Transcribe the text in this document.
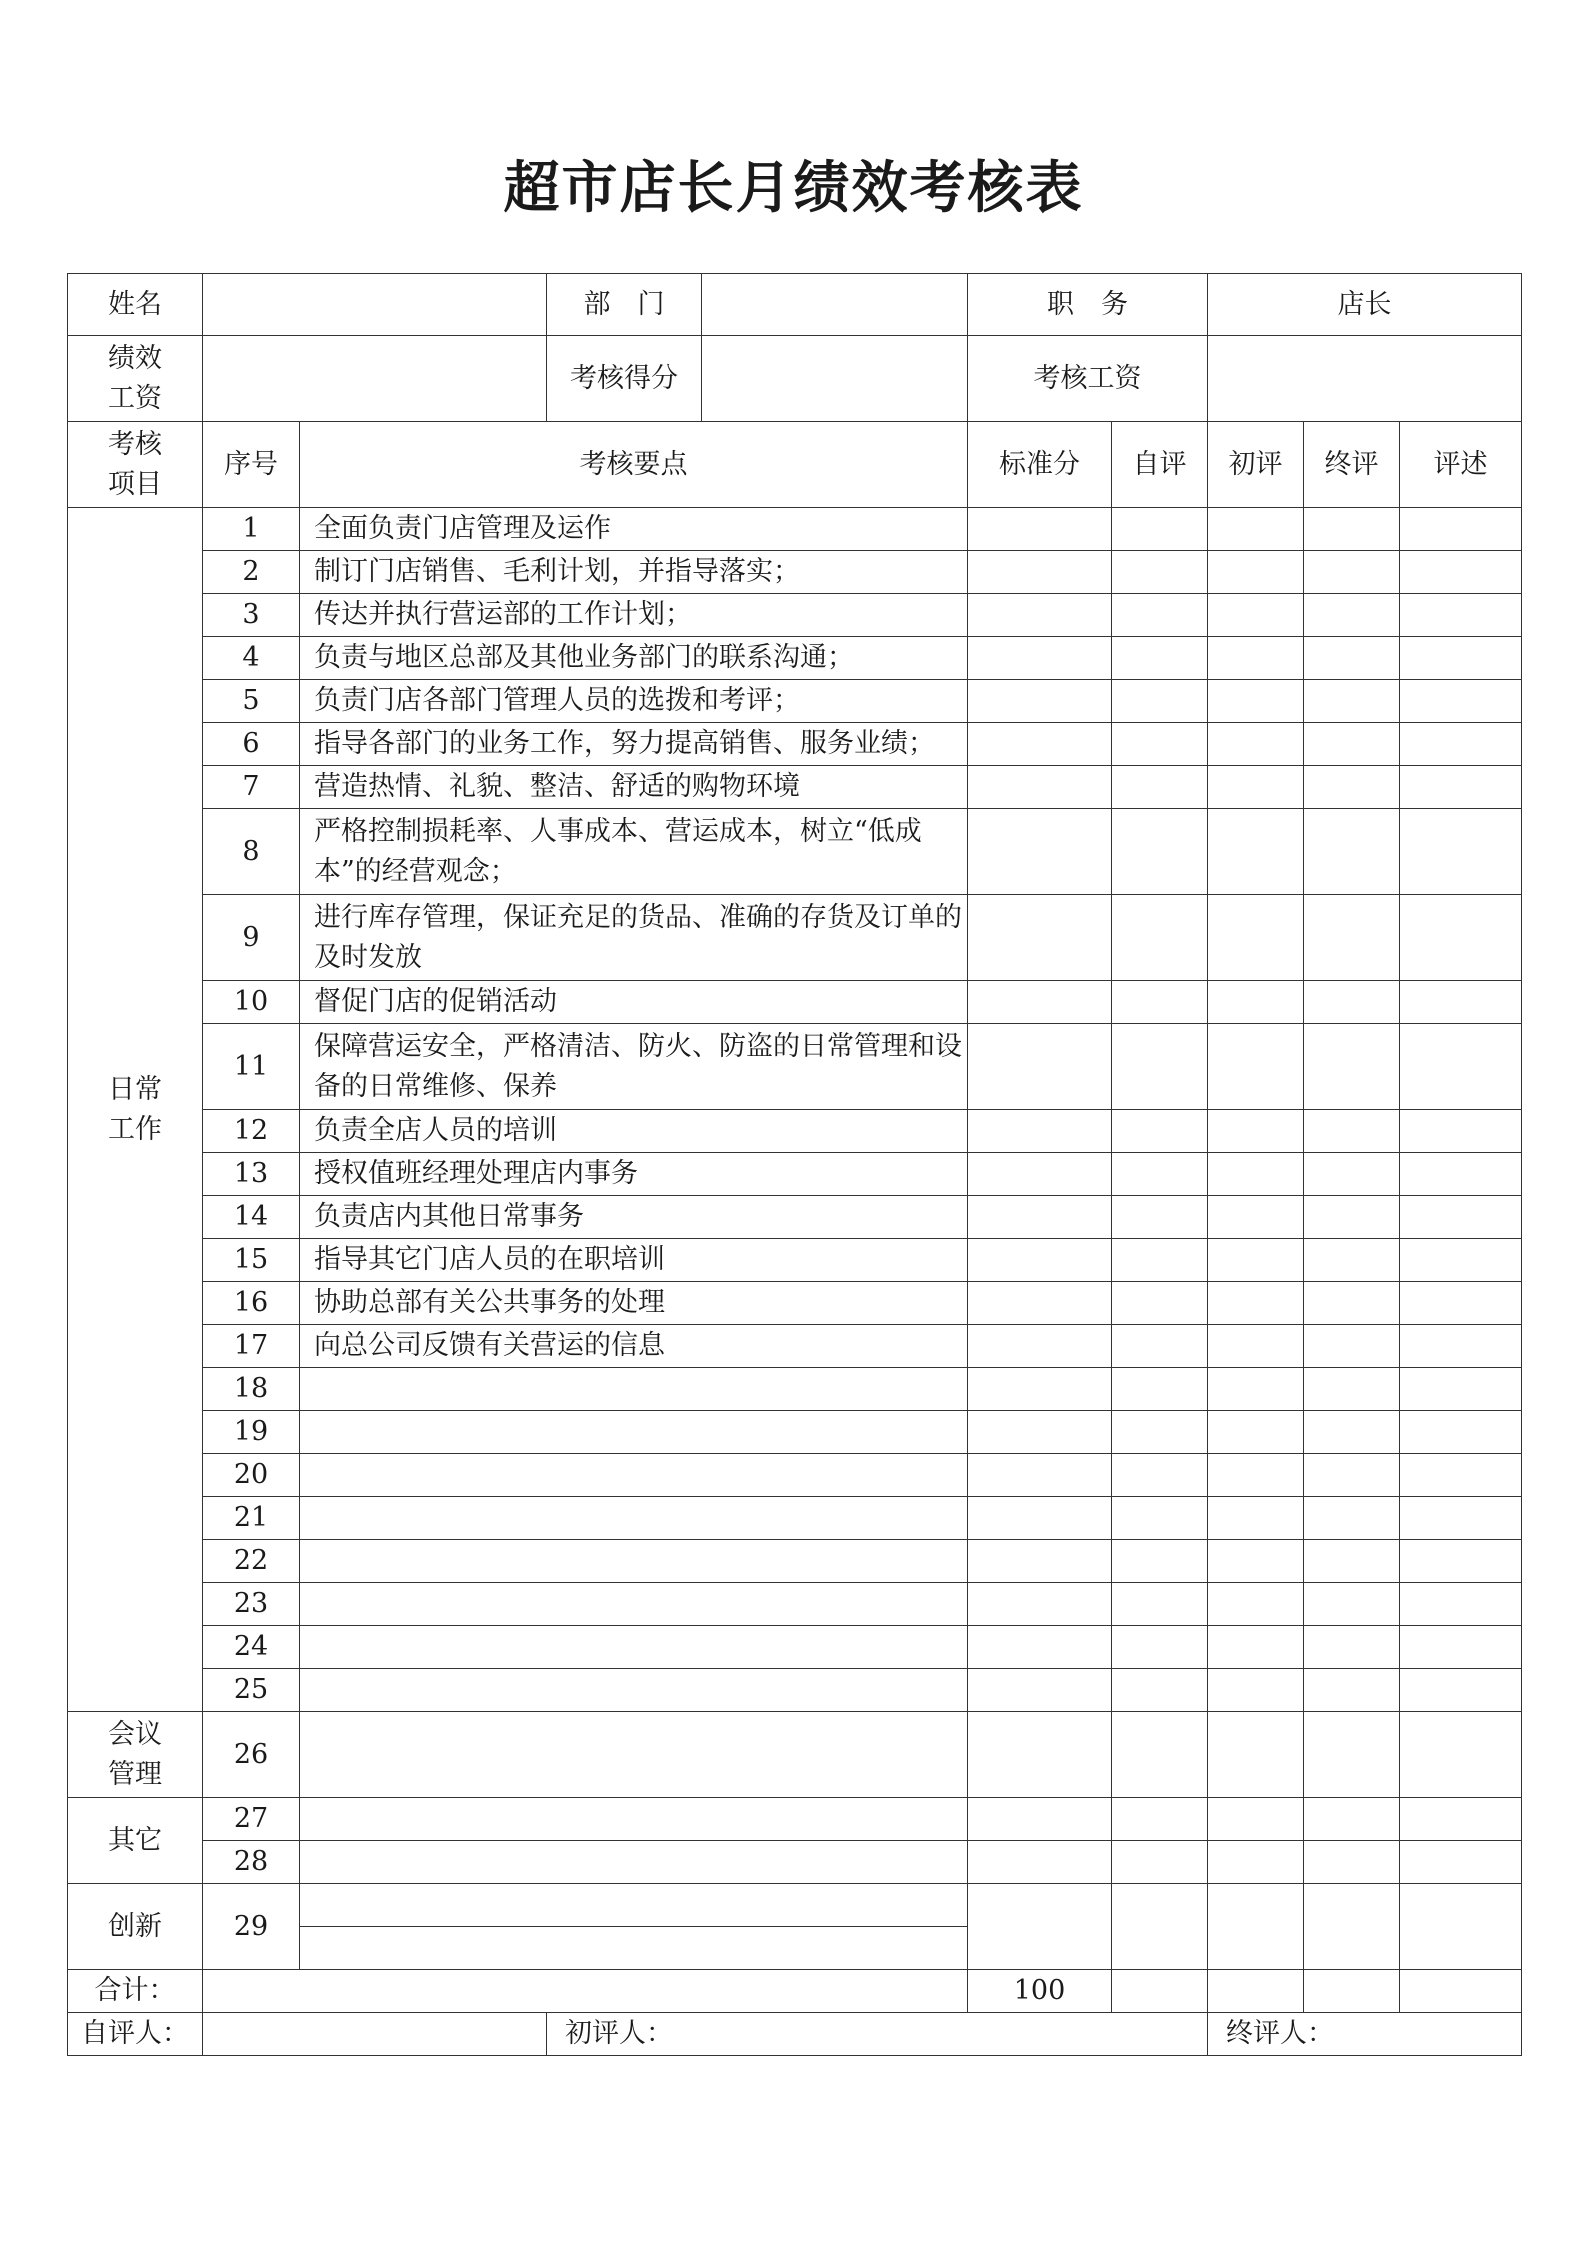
超市店长月绩效考核表
姓名			部　门		职　务		店长		

绩效工资			考核得分		考核工资				

考核项目	序号	考核要点			标准分	自评	初评	终评	评述

日常工作	1	全面负责门店管理及运作							
	2	制订门店销售、毛利计划，并指导落实；							
	3	传达并执行营运部的工作计划；							
	4	负责与地区总部及其他业务部门的联系沟通；							
	5	负责门店各部门管理人员的选拨和考评；							
	6	指导各部门的业务工作，努力提高销售、服务业绩；							
	7	营造热情、礼貌、整洁、舒适的购物环境							
	8	严格控制损耗率、人事成本、营运成本，树立“低成本”的经营观念；							
	9	进行库存管理，保证充足的货品、准确的存货及订单的及时发放							
	10	督促门店的促销活动							
	11	保障营运安全，严格清洁、防火、防盗的日常管理和设备的日常维修、保养							
	12	负责全店人员的培训							
	13	授权值班经理处理店内事务							
	14	负责店内其他日常事务							
	15	指导其它门店人员的在职培训							
	16	协助总部有关公共事务的处理							
	17	向总公司反馈有关营运的信息							
	18								
	19								
	20								
	21								
	22								
	23								
	24								
	25								

会议管理	26								
其它	27								
	28								
创新	29								

合计：					100				
自评人：			初评人：				终评人：		
